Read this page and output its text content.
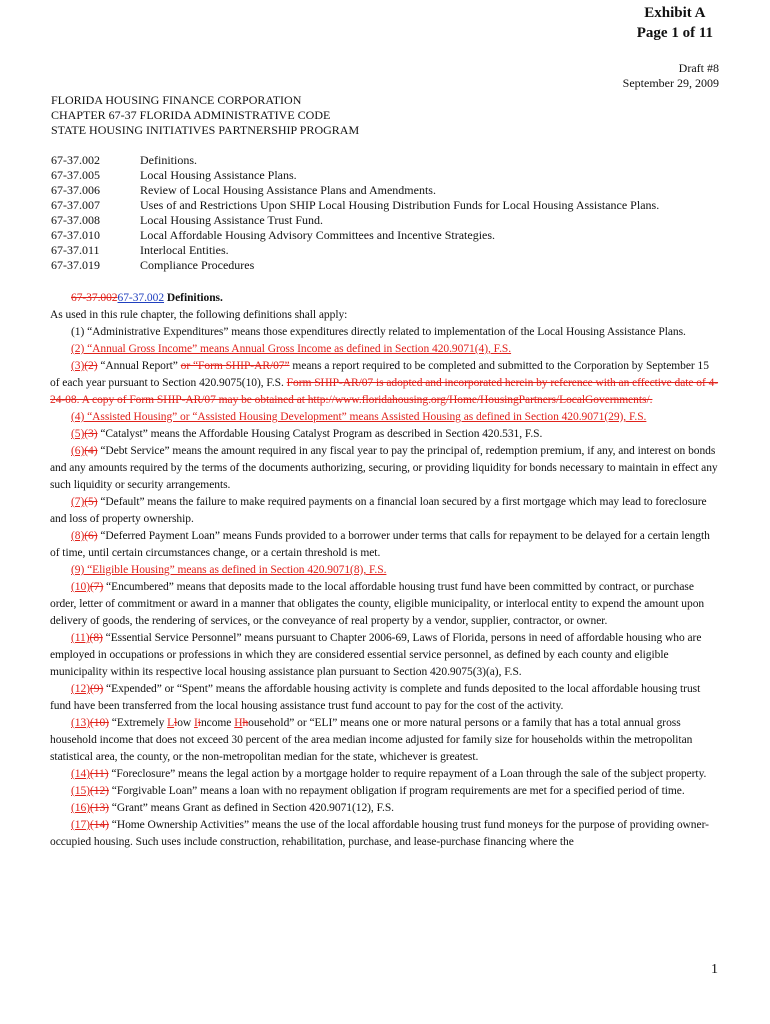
Exhibit A
Page 1 of 11
Draft #8
September 29, 2009
FLORIDA HOUSING FINANCE CORPORATION
CHAPTER 67-37 FLORIDA ADMINISTRATIVE CODE
STATE HOUSING INITIATIVES PARTNERSHIP PROGRAM
67-37.002	Definitions.
67-37.005	Local Housing Assistance Plans.
67-37.006	Review of Local Housing Assistance Plans and Amendments.
67-37.007	Uses of and Restrictions Upon SHIP Local Housing Distribution Funds for Local Housing Assistance Plans.
67-37.008	Local Housing Assistance Trust Fund.
67-37.010	Local Affordable Housing Advisory Committees and Incentive Strategies.
67-37.011	Interlocal Entities.
67-37.019	Compliance Procedures

67-37.00267-37.002 Definitions.

As used in this rule chapter, the following definitions shall apply:

(1) “Administrative Expenditures” means those expenditures directly related to implementation of the Local Housing Assistance Plans.

(2) “Annual Gross Income” means Annual Gross Income as defined in Section 420.9071(4), F.S.

(3)(2) “Annual Report” or “Form SHIP-AR/07” means a report required to be completed and submitted to the Corporation by September 15 of each year pursuant to Section 420.9075(10), F.S. Form SHIP-AR/07 is adopted and incorporated herein by reference with an effective date of 4-24-08. A copy of Form SHIP-AR/07 may be obtained at http://www.floridahousing.org/Home/HousingPartners/LocalGovernments/.

(4) “Assisted Housing” or “Assisted Housing Development” means Assisted Housing as defined in Section 420.9071(29), F.S.

(5)(3) “Catalyst” means the Affordable Housing Catalyst Program as described in Section 420.531, F.S.

(6)(4) “Debt Service” means the amount required in any fiscal year to pay the principal of, redemption premium, if any, and interest on bonds and any amounts required by the terms of the documents authorizing, securing, or providing liquidity for bonds necessary to maintain in effect any such liquidity or security arrangements.

(7)(5) “Default” means the failure to make required payments on a financial loan secured by a first mortgage which may lead to foreclosure and loss of property ownership.

(8)(6) “Deferred Payment Loan” means Funds provided to a borrower under terms that calls for repayment to be delayed for a certain length of time, until certain circumstances change, or a certain threshold is met.

(9) “Eligible Housing” means as defined in Section 420.9071(8), F.S.

(10)(7) “Encumbered” means that deposits made to the local affordable housing trust fund have been committed by contract, or purchase order, letter of commitment or award in a manner that obligates the county, eligible municipality, or interlocal entity to expend the amount upon delivery of goods, the rendering of services, or the conveyance of real property by a vendor, supplier, contractor, or owner.

(11)(8) “Essential Service Personnel” means pursuant to Chapter 2006-69, Laws of Florida, persons in need of affordable housing who are employed in occupations or professions in which they are considered essential service personnel, as defined by each county and eligible municipality within its respective local housing assistance plan pursuant to Section 420.9075(3)(a), F.S.

(12)(9) “Expended” or “Spent” means the affordable housing activity is complete and funds deposited to the local affordable housing trust fund have been transferred from the local housing assistance trust fund account to pay for the cost of the activity.

(13)(10) “Extremely Llow Iincome Hhousehold” or “ELI” means one or more natural persons or a family that has a total annual gross household income that does not exceed 30 percent of the area median income adjusted for family size for households within the metropolitan statistical area, the county, or the non-metropolitan median for the state, whichever is greatest.

(14)(11) “Foreclosure” means the legal action by a mortgage holder to require repayment of a Loan through the sale of the subject property.

(15)(12) “Forgivable Loan” means a loan with no repayment obligation if program requirements are met for a specified period of time.

(16)(13) “Grant” means Grant as defined in Section 420.9071(12), F.S.

(17)(14) “Home Ownership Activities” means the use of the local affordable housing trust fund moneys for the purpose of providing owner-occupied housing. Such uses include construction, rehabilitation, purchase, and lease-purchase financing where the

1
